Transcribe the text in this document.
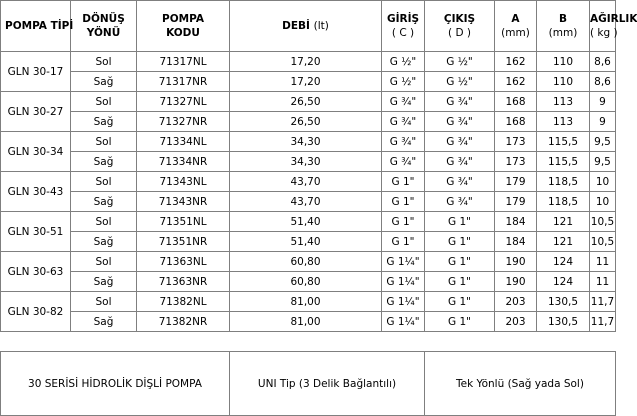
POMPA TİPİ	DÖNÜŞ
YÖNÜ	POMPA
KODU	DEBİ (lt)	GİRİŞ
( C )	ÇIKIŞ
( D )	A
(mm)	B
(mm)	AĞIRLIK
( kg )

GLN 30-17	Sol	71317NL	17,20	G ½"	G ½"	162	110	8,6
	Sağ	71317NR	17,20	G ½"	G ½"	162	110	8,6
GLN 30-27	Sol	71327NL	26,50	G ¾"	G ¾"	168	113	9
	Sağ	71327NR	26,50	G ¾"	G ¾"	168	113	9
GLN 30-34	Sol	71334NL	34,30	G ¾"	G ¾"	173	115,5	9,5
	Sağ	71334NR	34,30	G ¾"	G ¾"	173	115,5	9,5
GLN 30-43	Sol	71343NL	43,70	G 1"	G ¾"	179	118,5	10
	Sağ	71343NR	43,70	G 1"	G ¾"	179	118,5	10
GLN 30-51	Sol	71351NL	51,40	G 1"	G 1"	184	121	10,5
	Sağ	71351NR	51,40	G 1"	G 1"	184	121	10,5
GLN 30-63	Sol	71363NL	60,80	G 1¼"	G 1"	190	124	11
	Sağ	71363NR	60,80	G 1¼"	G 1"	190	124	11
GLN 30-82	Sol	71382NL	81,00	G 1¼"	G 1"	203	130,5	11,7
	Sağ	71382NR	81,00	G 1¼"	G 1"	203	130,5	11,7
30 SERİSİ HİDROLİK DİŞLİ POMPA	UNI Tip (3 Delik Bağlantılı)	Tek Yönlü (Sağ yada Sol)
